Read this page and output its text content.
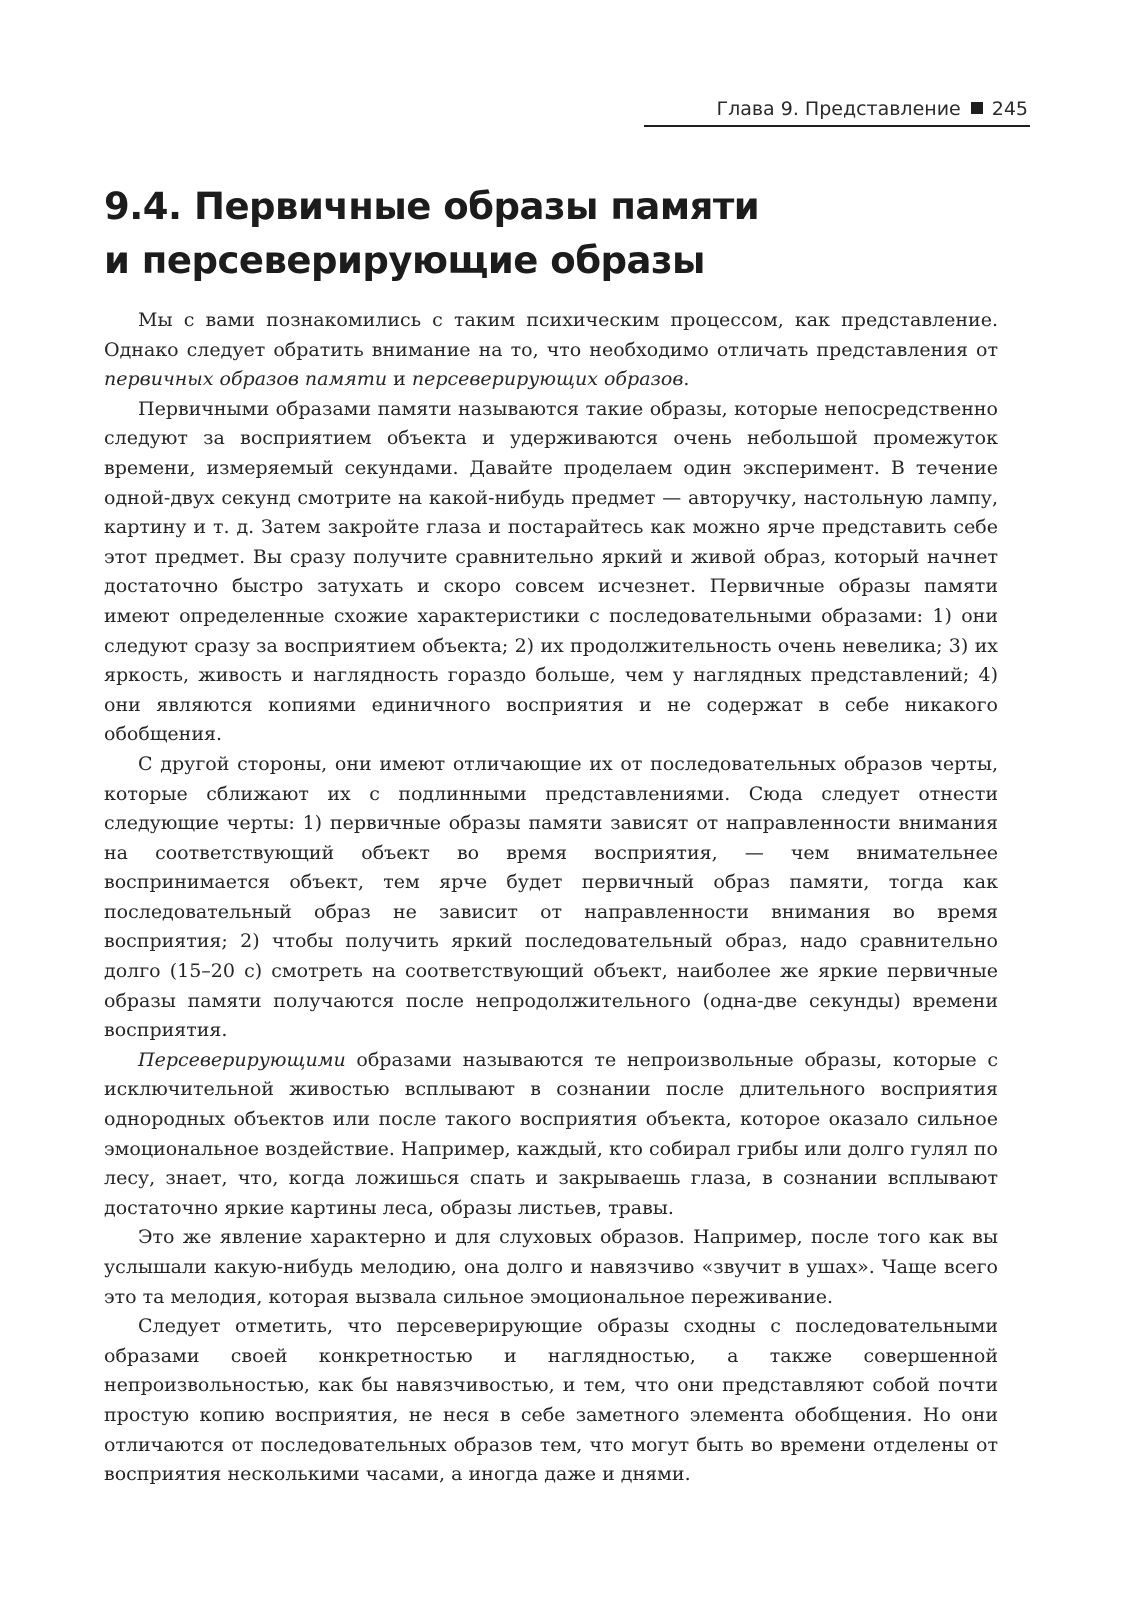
Глава 9. Представление 245
9.4. Первичные образы памяти
и персеверирующие образы

Мы с вами познакомились с таким психическим процессом, как представление. Однако следует обратить внимание на то, что необходимо отличать представления от первичных образов памяти и персеверирующих образов.

Первичными образами памяти называются такие образы, которые непосредственно следуют за восприятием объекта и удерживаются очень небольшой промежуток времени, измеряемый секундами. Давайте проделаем один эксперимент. В течение одной-двух секунд смотрите на какой-нибудь предмет — авторучку, настольную лампу, картину и т. д. Затем закройте глаза и постарайтесь как можно ярче представить себе этот предмет. Вы сразу получите сравнительно яркий и живой образ, который начнет достаточно быстро затухать и скоро совсем исчезнет. Первичные образы памяти имеют определенные схожие характеристики с последовательными образами: 1) они следуют сразу за восприятием объекта; 2) их продолжительность очень невелика; 3) их яркость, живость и наглядность гораздо больше, чем у наглядных представлений; 4) они являются копиями единичного восприятия и не содержат в себе никакого обобщения.

С другой стороны, они имеют отличающие их от последовательных образов черты, которые сближают их с подлинными представлениями. Сюда следует отнести следующие черты: 1) первичные образы памяти зависят от направленности внимания на соответствующий объект во время восприятия, — чем внимательнее воспринимается объект, тем ярче будет первичный образ памяти, тогда как последовательный образ не зависит от направленности внимания во время восприятия; 2) чтобы получить яркий последовательный образ, надо сравнительно долго (15–20 с) смотреть на соответствующий объект, наиболее же яркие первичные образы памяти получаются после непродолжительного (одна-две секунды) времени восприятия.

Персеверирующими образами называются те непроизвольные образы, которые с исключительной живостью всплывают в сознании после длительного восприятия однородных объектов или после такого восприятия объекта, которое оказало сильное эмоциональное воздействие. Например, каждый, кто собирал грибы или долго гулял по лесу, знает, что, когда ложишься спать и закрываешь глаза, в сознании всплывают достаточно яркие картины леса, образы листьев, травы.

Это же явление характерно и для слуховых образов. Например, после того как вы услышали какую-нибудь мелодию, она долго и навязчиво «звучит в ушах». Чаще всего это та мелодия, которая вызвала сильное эмоциональное переживание.

Следует отметить, что персеверирующие образы сходны с последовательными образами своей конкретностью и наглядностью, а также совершенной непроизвольностью, как бы навязчивостью, и тем, что они представляют собой почти простую копию восприятия, не неся в себе заметного элемента обобщения. Но они отличаются от последовательных образов тем, что могут быть во времени отделены от восприятия несколькими часами, а иногда даже и днями.
